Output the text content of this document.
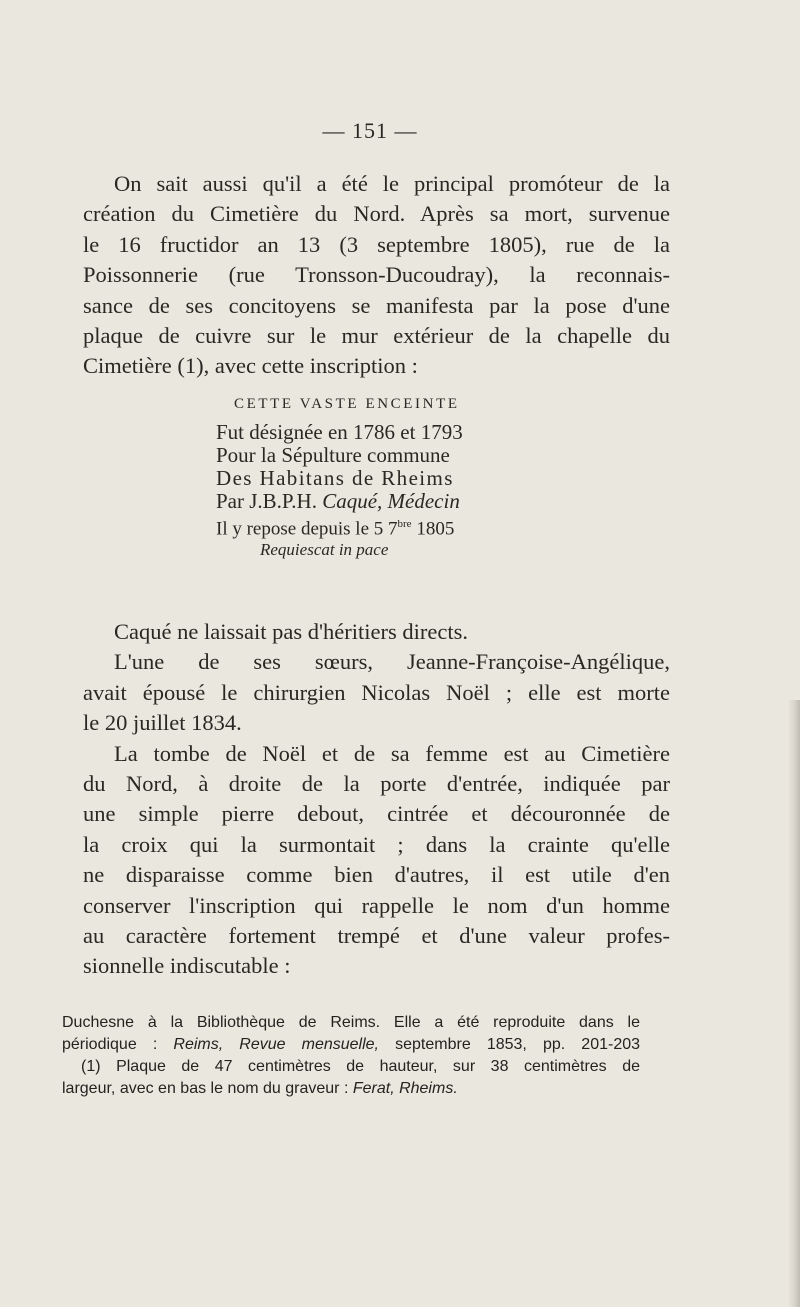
— 151 —
On sait aussi qu'il a été le principal promóteur de la
création du Cimetière du Nord. Après sa mort, survenue
le 16 fructidor an 13 (3 septembre 1805), rue de la
Poissonnerie (rue Tronsson-Ducoudray), la reconnais-
sance de ses concitoyens se manifesta par la pose d'une
plaque de cuivre sur le mur extérieur de la chapelle du
Cimetière (1), avec cette inscription :
CETTE VASTE ENCEINTE
Fut désignée en 1786 et 1793
Pour la Sépulture commune
Des Habitans de Rheims
Par J.B.P.H. Caqué, Médecin
Il y repose depuis le 5 $7^{bre}$ 1805
Requiescat in pace
Caqué ne laissait pas d'héritiers directs.
L'une de ses sœurs, Jeanne-Françoise-Angélique,
avait épousé le chirurgien Nicolas Noël ; elle est morte
le 20 juillet 1834.
La tombe de Noël et de sa femme est au Cimetière
du Nord, à droite de la porte d'entrée, indiquée par
une simple pierre debout, cintrée et découronnée de
la croix qui la surmontait ; dans la crainte qu'elle
ne disparaisse comme bien d'autres, il est utile d'en
conserver l'inscription qui rappelle le nom d'un homme
au caractère fortement trempé et d'une valeur profes-
sionnelle indiscutable :
Duchesne à la Bibliothèque de Reims. Elle a été reproduite dans le
périodique : Reims, Revue mensuelle, septembre 1853, pp. 201-203
(1) Plaque de 47 centimètres de hauteur, sur 38 centimètres de
largeur, avec en bas le nom du graveur : Ferat, Rheims.
